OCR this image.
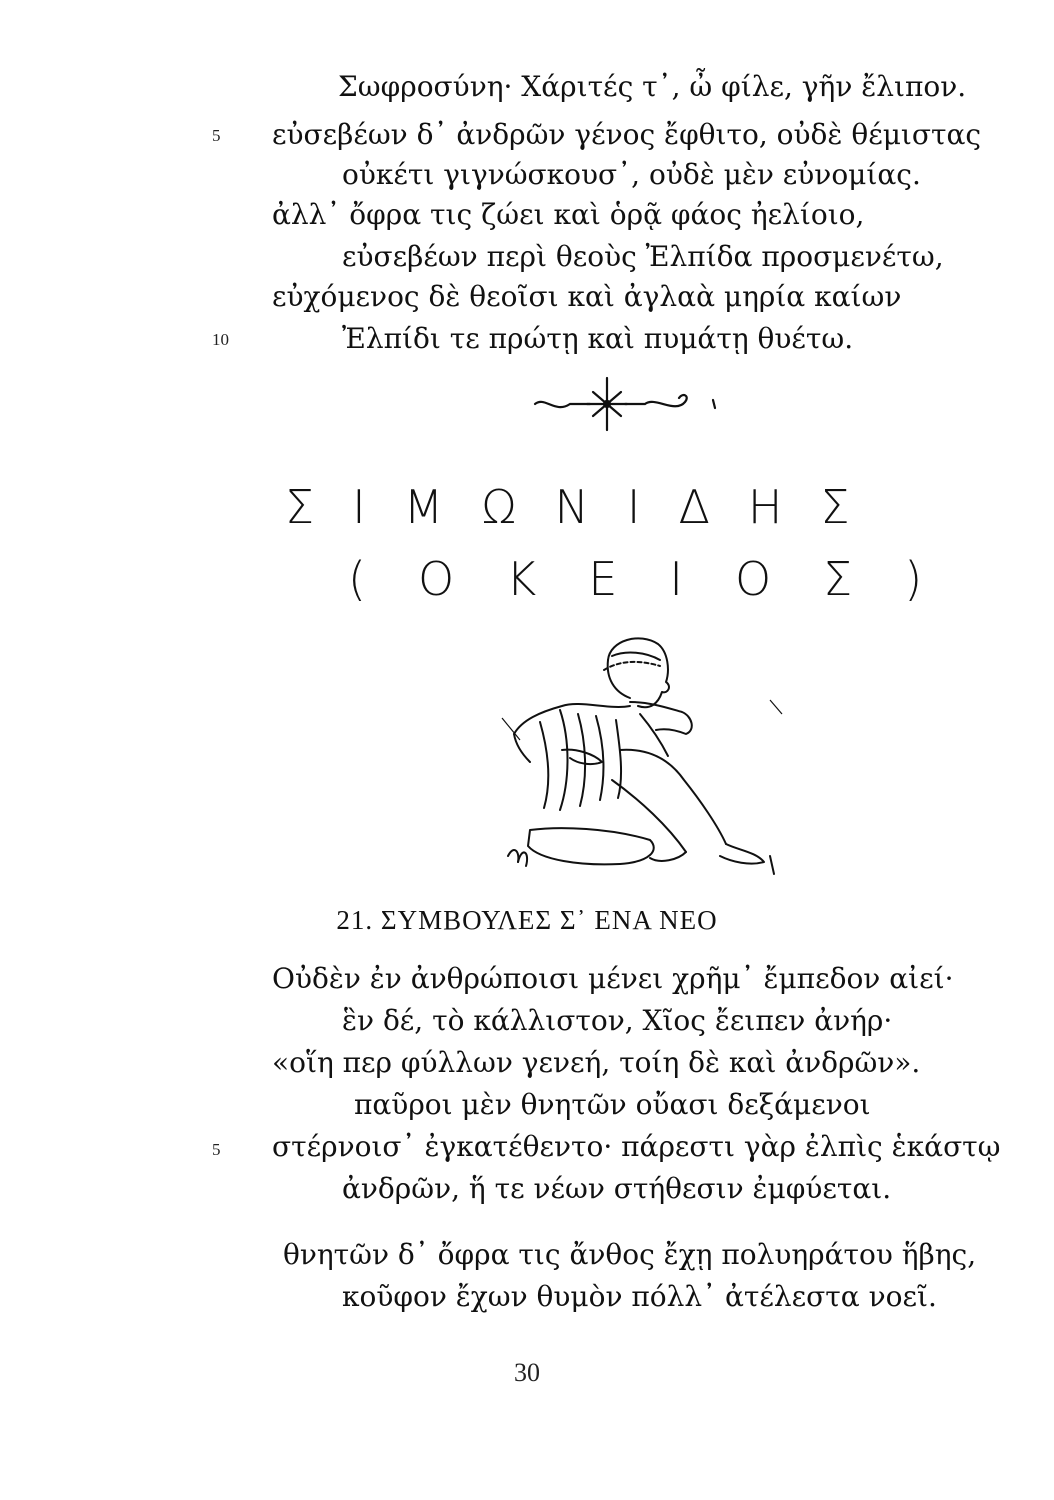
Σωφροσύνη· Χάριτές τ᾽, ὦ φίλε, γῆν ἔλιπον.
5 εὐσεβέων δ᾽ ἀνδρῶν γένος ἔφθιτο, οὐδὲ θέμιστας
οὐκέτι γιγνώσκουσ᾽, οὐδὲ μὲν εὐνομίας.
ἀλλ᾽ ὄφρα τις ζώει καὶ ὁρᾷ φάος ἠελίοιο,
εὐσεβέων περὶ θεοὺς Ἐλπίδα προσμενέτω,
εὐχόμενος δὲ θεοῖσι καὶ ἀγλαὰ μηρία καίων
10	Ἐλπίδι τε πρώτῃ καὶ πυμάτῃ θυέτω.
ΣΙΜΩΝΙΔΗΣ
(ΟΚΕΙΟΣ)
21. ΣΥΜΒΟΥΛΕΣ Σ᾽ ΕΝΑ ΝΕΟ
Οὐδὲν ἐν ἀνθρώποισι μένει χρῆμ᾽ ἔμπεδον αἰεί·
ἓν δέ, τὸ κάλλιστον, Χῖος ἔειπεν ἀνήρ·
«οἵη περ φύλλων γενεή, τοίη δὲ καὶ ἀνδρῶν».
παῦροι μὲν θνητῶν οὔασι δεξάμενοι
5 στέρνοισ᾽ ἐγκατέθεντο· πάρεστι γὰρ ἐλπὶς ἑκάστῳ
ἀνδρῶν, ἥ τε νέων στήθεσιν ἐμφύεται.
θνητῶν δ᾽ ὄφρα τις ἄνθος ἔχῃ πολυηράτου ἥβης,
κοῦφον ἔχων θυμὸν πόλλ᾽ ἀτέλεστα νοεῖ.
30
